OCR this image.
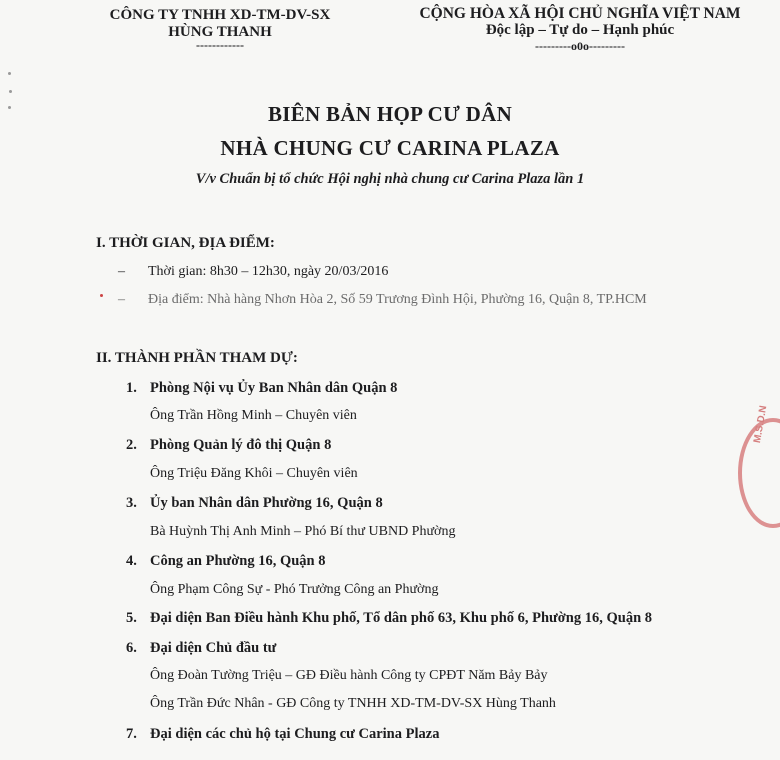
CÔNG TY TNHH XD-TM-DV-SX
HÙNG THANH
------------
CỘNG HÒA XÃ HỘI CHỦ NGHĨA VIỆT NAM
Độc lập – Tự do – Hạnh phúc
---------o0o---------
BIÊN BẢN HỌP CƯ DÂN
NHÀ CHUNG CƯ CARINA PLAZA
V/v Chuẩn bị tổ chức Hội nghị nhà chung cư Carina Plaza lần 1
I. THỜI GIAN, ĐỊA ĐIỂM:
– Thời gian: 8h30 – 12h30, ngày 20/03/2016
– Địa điểm: Nhà hàng Nhơn Hòa 2, Số 59 Trương Đình Hội, Phường 16, Quận 8, TP.HCM
II. THÀNH PHẦN THAM DỰ:
1. Phòng Nội vụ Ủy Ban Nhân dân Quận 8
Ông Trần Hồng Minh – Chuyên viên
2. Phòng Quản lý đô thị Quận 8
Ông Triệu Đăng Khôi – Chuyên viên
3. Ủy ban Nhân dân Phường 16, Quận 8
Bà Huỳnh Thị Anh Minh – Phó Bí thư UBND Phường
4. Công an Phường 16, Quận 8
Ông Phạm Công Sự - Phó Trưởng Công an Phường
5. Đại diện Ban Điều hành Khu phố, Tổ dân phố 63, Khu phố 6, Phường 16, Quận 8
6. Đại diện Chủ đầu tư
Ông Đoàn Tường Triệu – GĐ Điều hành Công ty CPĐT Năm Bảy Bảy
Ông Trần Đức Nhân - GĐ Công ty TNHH XD-TM-DV-SX Hùng Thanh
7. Đại diện các chủ hộ tại Chung cư Carina Plaza
M.S.D.N
